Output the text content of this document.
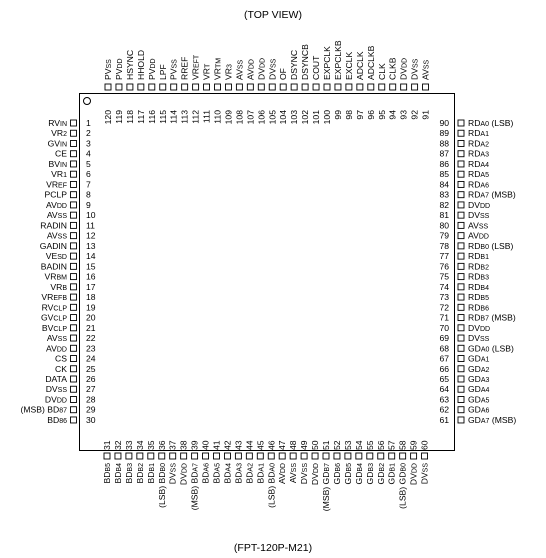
(TOP VIEW)
1
RVIN
2
VR2
3
GVIN
4
CE
5
BVIN
6
VR1
7
VREF
8
PCLP
9
AVDD
10
AVSS
11
RADIN
12
AVSS
13
GADIN
14
VESD
15
BADIN
16
VRBM
17
VRB
18
VREFB
19
RVCLP
20
GVCLP
21
BVCLP
22
AVSS
23
AVDD
24
CS
25
CK
26
DATA
27
DVSS
28
DVDD
29
(MSB) BD87
30
BD86
90 RDA0 (LSB)
89 RDA1
88 RDA2
87 RDA3
86 RDA4
85 RDA5
84 RDA6
83 RDA7 (MSB)
82 DVDD
81 DVSS
80 AVSS
79 AVDD
78 RDB0 (LSB)
77 RDB1
76 RDB2
75 RDB3
74 RDB4
73 RDB5
72 RDB6
71 RDB7 (MSB)
70 DVDD
69 DVSS
68 GDA0 (LSB)
67 GDA1
66 GDA2
65 GDA3
64 GDA4
63 GDA5
62 GDA6
61 GDA7 (MSB)
120
PVSS
119
PVDD
118
HSYNC
117
HHOLD
116
PVDD
115
LPF
114
PVSS
113
RREF
112
VREFT
111
VRT
110
VRTM
109
VR3
108
AVSS
107
AVDD
106
DVDD
105
DVSS
104
OF
103
DSYNC
102
DSYNCB
101
COUT
100
EXPCLK
99
EXPCLKB
98
EXCLK
97
ADCLK
96
ADCLKB
95
CLK
94
CLKB
93
DVDD
92
DVSS
91
AVSS
31
BDB5
32
BDB4
33
BDB3
34
BDB2
35
BDB1
36
(LSB) BDB0
37
DVSS
38
DVDD
39
(MSB) BDA7
40
BDA6
41
BDA5
42
BDA4
43
BDA3
44
BDA2
45
BDA1
46
(LSB) BDA0
47
AVDD
48
AVSS
49
DVSS
50
DVDD
51
(MSB) GDB7
52
GDB6
53
GDB5
54
GDB4
55
GDB3
56
GDB2
57
GDB1
58
(LSB) GDB0
59
DVDD
60
DVSS
(FPT-120P-M21)
